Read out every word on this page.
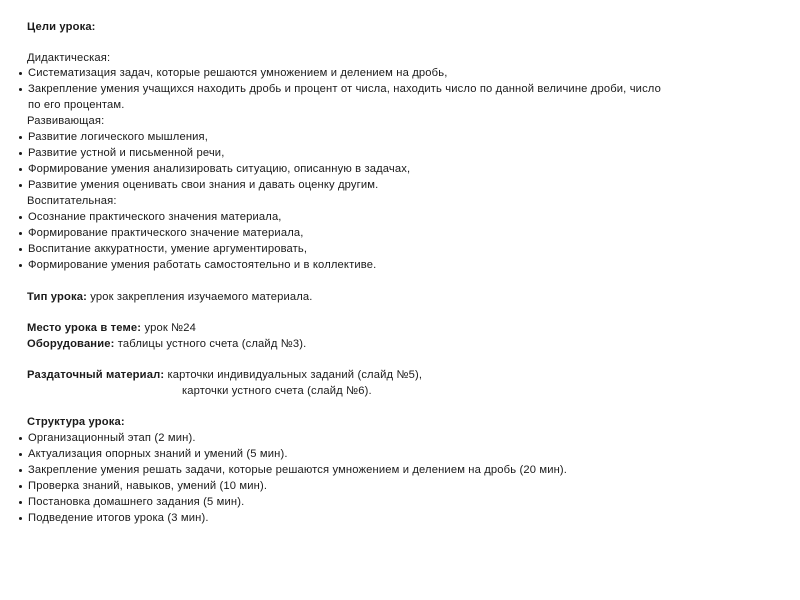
Цели урока:
Дидактическая:
Систематизация задач, которые решаются умножением и делением на дробь,
Закрепление умения учащихся находить дробь и процент от числа, находить число по данной величине дроби, число
по его процентам.
Развивающая:
Развитие логического мышления,
Развитие устной и письменной речи,
Формирование умения анализировать ситуацию, описанную в задачах,
Развитие умения оценивать свои знания и давать оценку другим.
Воспитательная:
Осознание практического значения материала,
Формирование практического значение материала,
Воспитание аккуратности, умение аргументировать,
Формирование умения работать самостоятельно и в коллективе.
Тип урока: урок закрепления изучаемого материала.
Место урока в теме: урок №24
Оборудование: таблицы устного счета (слайд №3).
Раздаточный материал: карточки индивидуальных заданий (слайд №5),
карточки устного счета (слайд №6).
Структура урока:
Организационный этап (2 мин).
Актуализация опорных знаний и умений (5 мин).
Закрепление умения решать задачи, которые решаются умножением и делением на дробь (20 мин).
Проверка знаний, навыков, умений (10 мин).
Постановка домашнего задания (5 мин).
Подведение итогов урока (3 мин).
